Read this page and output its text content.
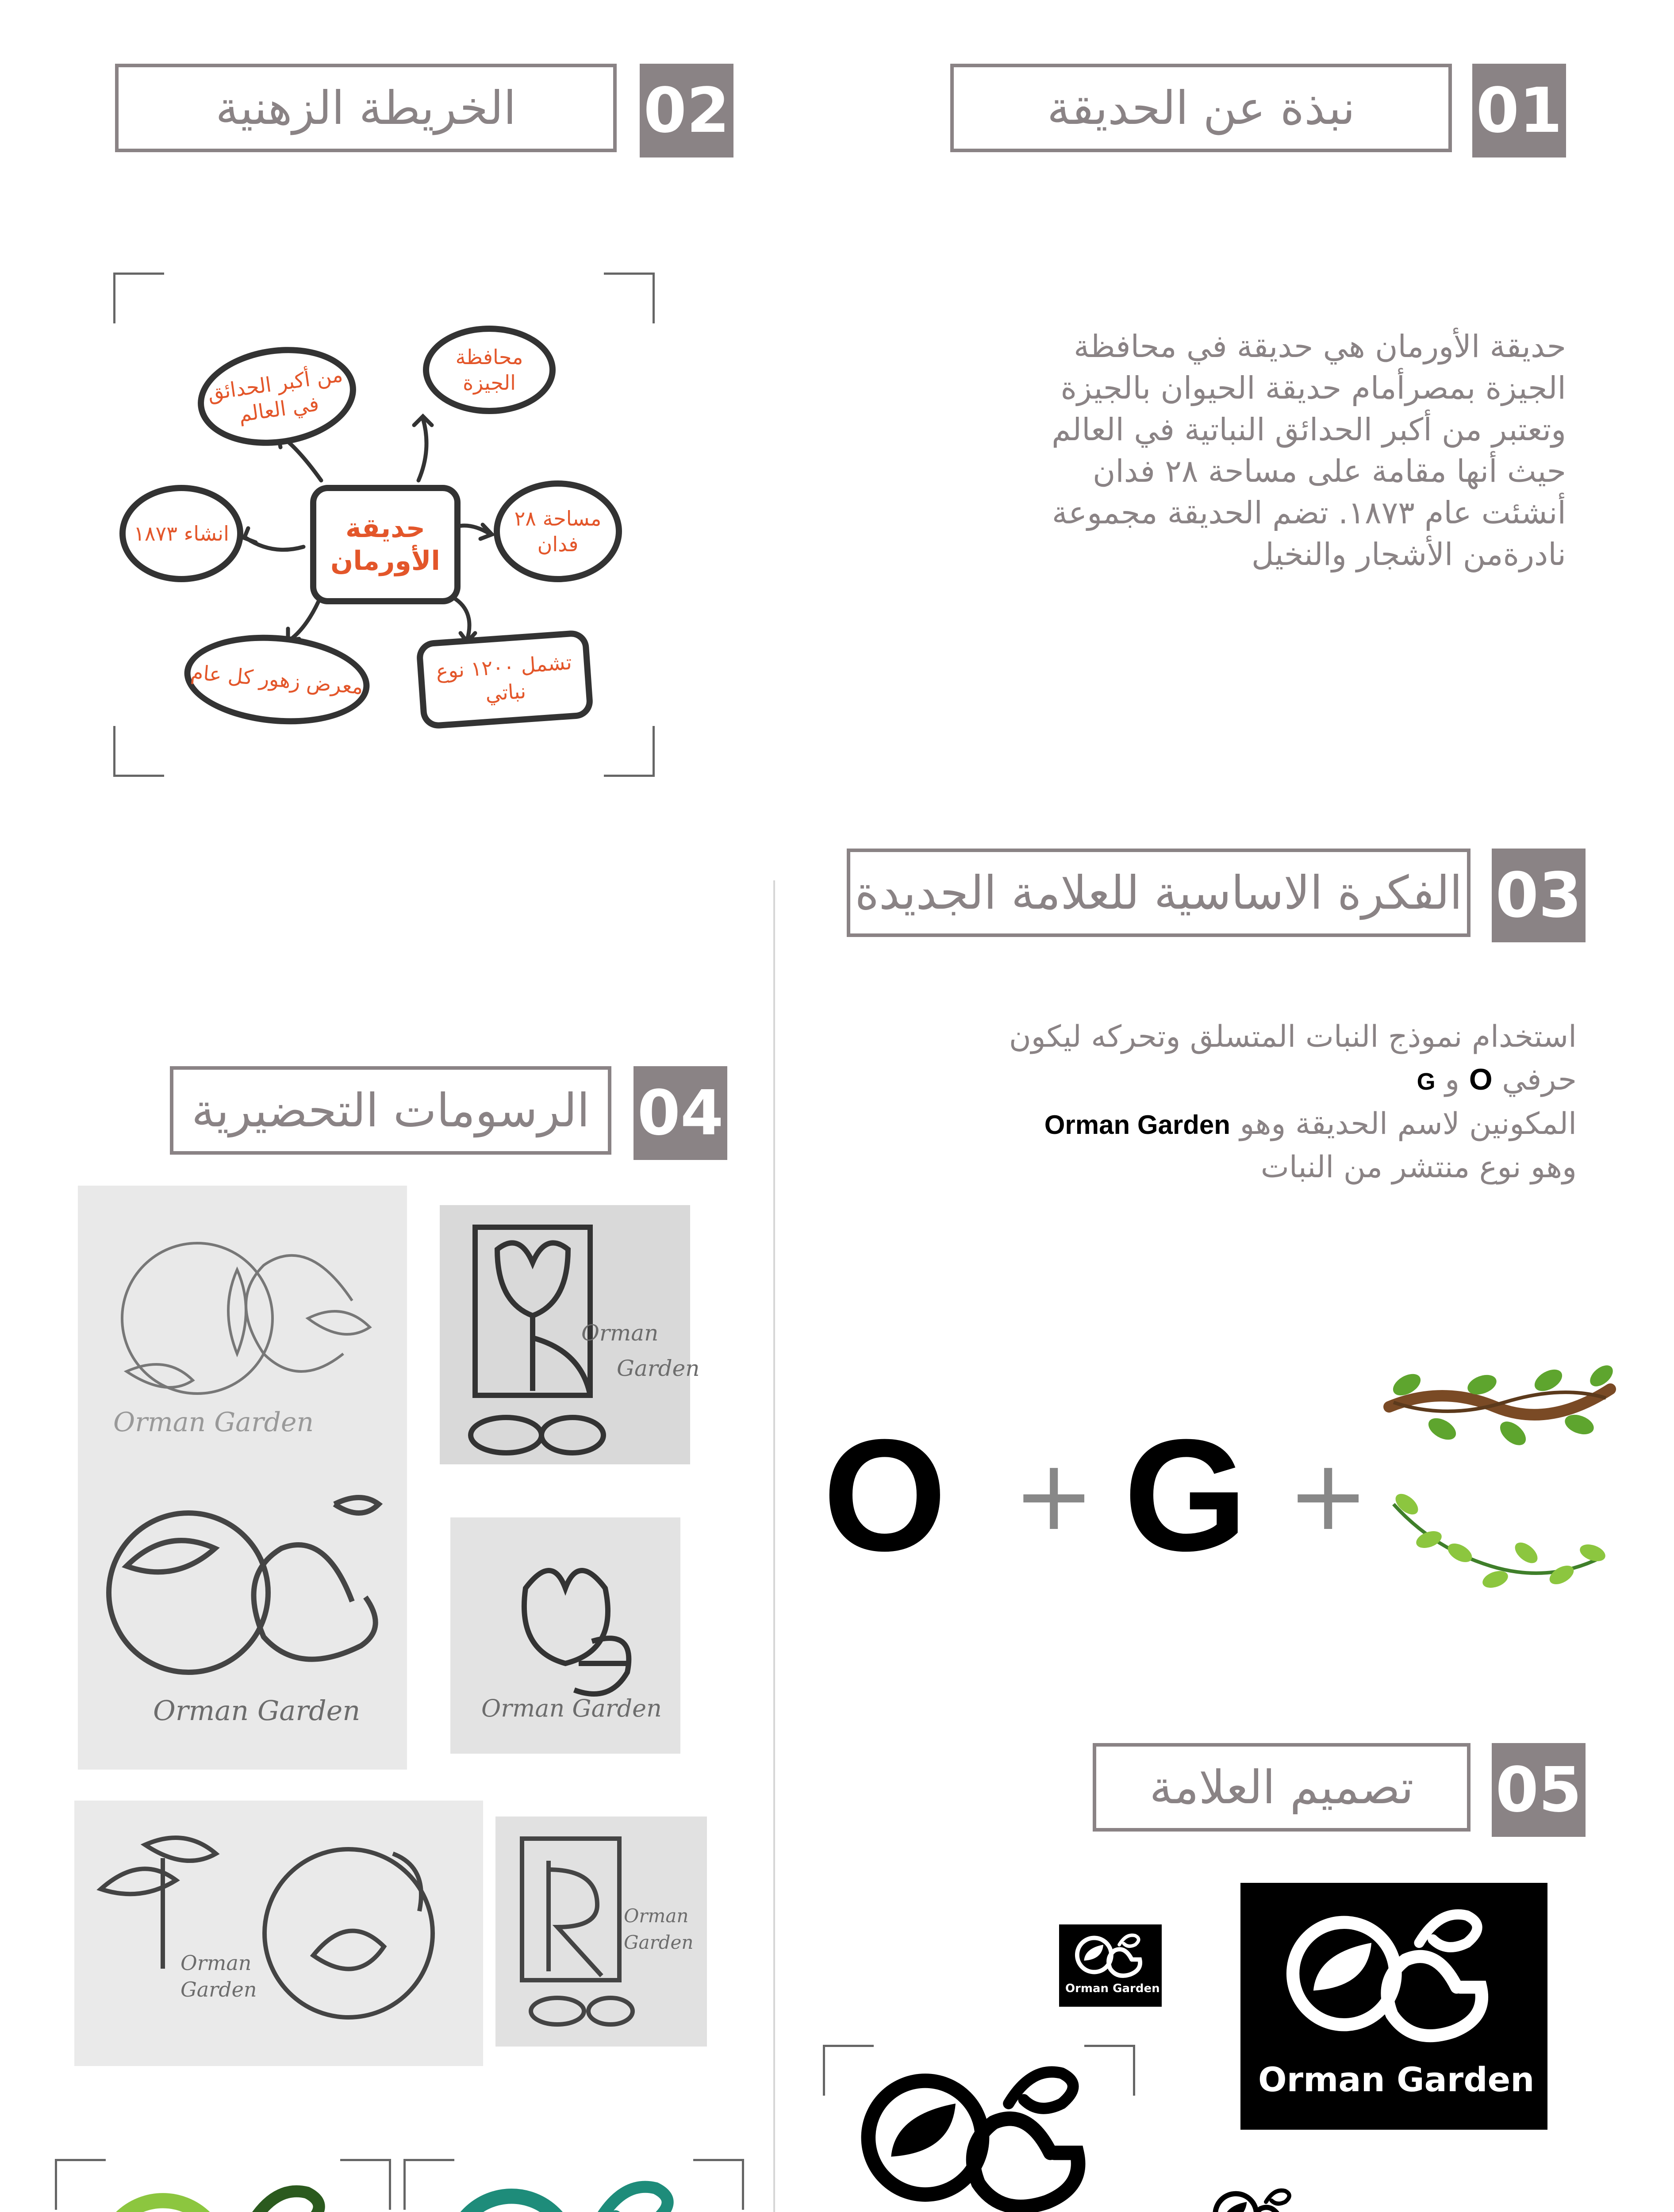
نبذة عن الحديقة	01
حديقة الأورمان هي حديقة في محافظة
الجيزة بمصرأمام حديقة الحيوان بالجيزة
وتعتبر من أكبر الحدائق النباتية في العالم
حيث أنها مقامة على مساحة ٢٨ فدان
أنشئت عام ١٨٧٣. تضم الحديقة مجموعة
نادرةمن الأشجار والنخيل
الخريطة الزهنية	02
حديقة الأورمان
محافظة الجيزة
من أكبر الحدائق في العالم
انشاء ١٨٧٣
مساحة ٢٨ فدان
معرض زهور كل عام	تشمل ١٢٠٠ نوع نباتي
الفكرة الاساسية للعلامة الجديدة 03
استخدام نموذج النبات المتسلق وتحركه ليكون
حرفي O و G
المكونين لاسم الحديقة وهو Orman Garden
وهو نوع منتشر من النبات
O + G +
الرسومات التحضيرية 04
Orman Garden
Orman Garden
Orman
Garden
Orman Garden
Orman
Garden
Orman
Garden
تصميم العلامة	05
Orman Garden
Orman Garden
